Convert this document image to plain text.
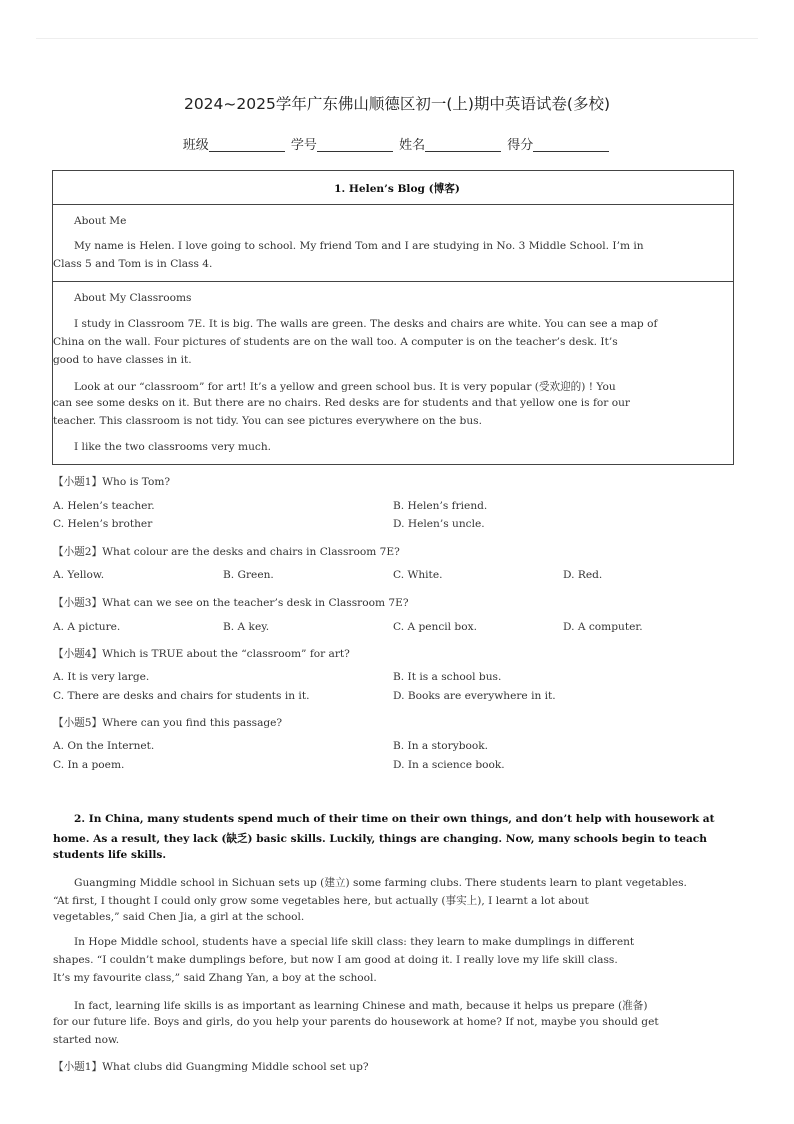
2024~2025学年广东佛山顺德区初一(上)期中英语试卷(多校)
班级	学号	姓名	得分
1. Helen’s Blog (博客)
About Me
My name is Helen. I love going to school. My friend Tom and I are studying in No. 3 Middle School. I’m in
Class 5 and Tom is in Class 4.
About My Classrooms
I study in Classroom 7E. It is big. The walls are green. The desks and chairs are white. You can see a map of
China on the wall. Four pictures of students are on the wall too. A computer is on the teacher’s desk. It’s
good to have classes in it.
Look at our “classroom” for art! It’s a yellow and green school bus. It is very popular (受欢迎的) ! You
can see some desks on it. But there are no chairs. Red desks are for students and that yellow one is for our
teacher. This classroom is not tidy. You can see pictures everywhere on the bus.
I like the two classrooms very much.
【小题1】Who is Tom?
A. Helen’s teacher.	B. Helen’s friend.
C. Helen’s brother	D. Helen’s uncle.
【小题2】What colour are the desks and chairs in Classroom 7E?
A. Yellow.	B. Green.	C. White.	D. Red.
【小题3】What can we see on the teacher’s desk in Classroom 7E?
A. A picture.	B. A key.	C. A pencil box.	D. A computer.
【小题4】Which is TRUE about the “classroom” for art?
A. It is very large.	B. It is a school bus.
C. There are desks and chairs for students in it.	D. Books are everywhere in it.
【小题5】Where can you find this passage?
A. On the Internet.	B. In a storybook.
C. In a poem.	D. In a science book.
2. In China, many students spend much of their time on their own things, and don’t help with housework at
home. As a result, they lack (缺乏) basic skills. Luckily, things are changing. Now, many schools begin to teach
students life skills.
Guangming Middle school in Sichuan sets up (建立) some farming clubs. There students learn to plant vegetables.
“At first, I thought I could only grow some vegetables here, but actually (事实上), I learnt a lot about
vegetables,” said Chen Jia, a girl at the school.
In Hope Middle school, students have a special life skill class: they learn to make dumplings in different
shapes. “I couldn’t make dumplings before, but now I am good at doing it. I really love my life skill class.
It’s my favourite class,” said Zhang Yan, a boy at the school.
In fact, learning life skills is as important as learning Chinese and math, because it helps us prepare (准备)
for our future life. Boys and girls, do you help your parents do housework at home? If not, maybe you should get
started now.
【小题1】What clubs did Guangming Middle school set up?
